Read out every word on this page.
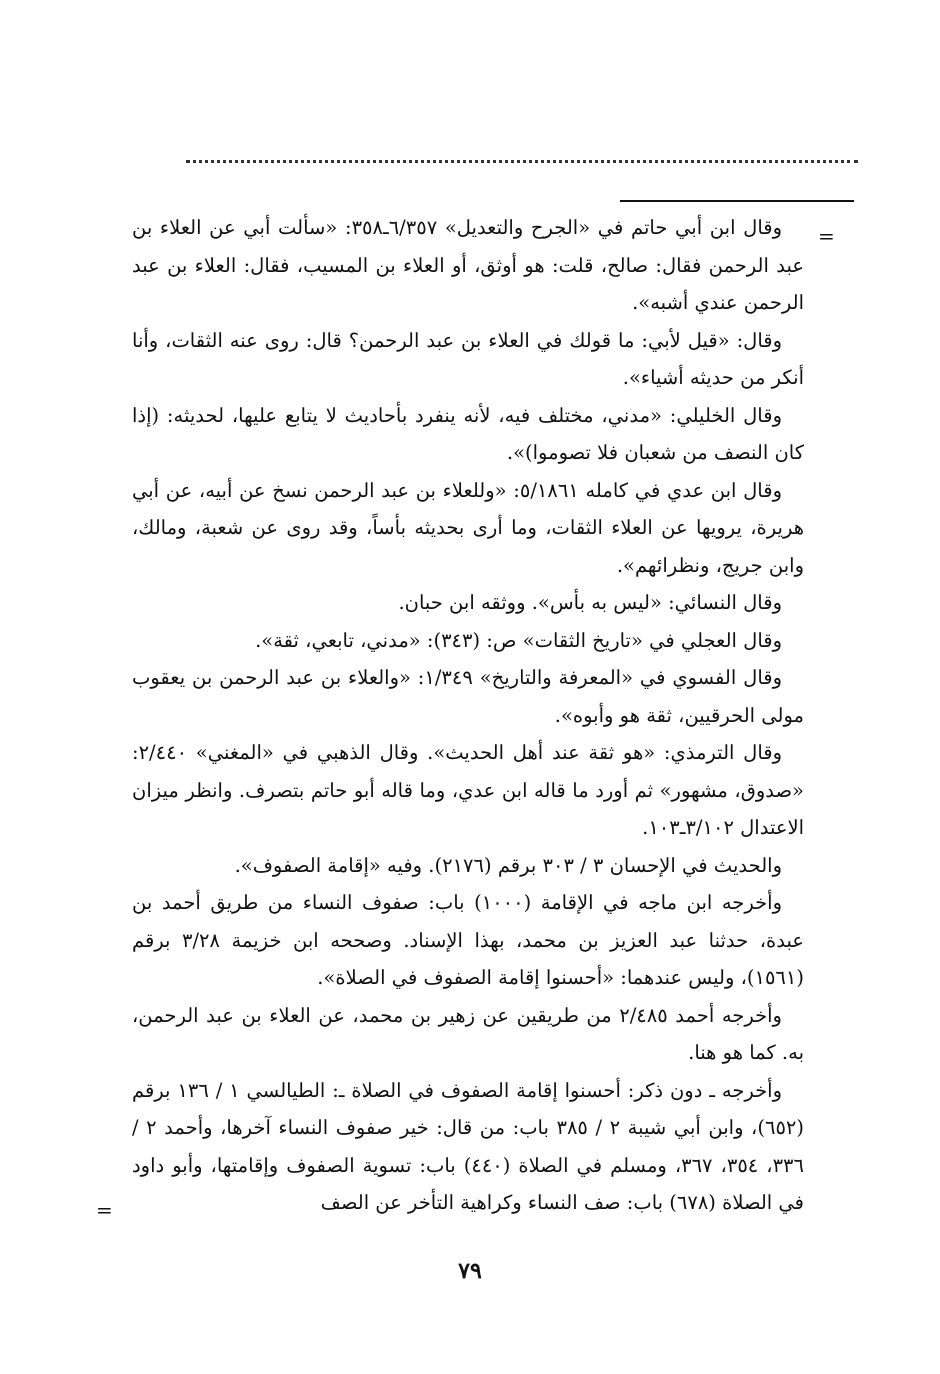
=

وقال ابن أبي حاتم في «الجرح والتعديل» ٦/٣٥٧ـ٣٥٨: «سألت أبي عن العلاء بن عبد الرحمن فقال: صالح، قلت: هو أوثق، أو العلاء بن المسيب، فقال: العلاء بن عبد الرحمن عندي أشبه».

وقال: «قيل لأبي: ما قولك في العلاء بن عبد الرحمن؟ قال: روى عنه الثقات، وأنا أنكر من حديثه أشياء».

وقال الخليلي: «مدني، مختلف فيه، لأنه ينفرد بأحاديث لا يتابع عليها، لحديثه: (إذا كان النصف من شعبان فلا تصوموا)».

وقال ابن عدي في كامله ٥/١٨٦١: «وللعلاء بن عبد الرحمن نسخ عن أبيه، عن أبي هريرة، يرويها عن العلاء الثقات، وما أرى بحديثه بأساً، وقد روى عن شعبة، ومالك، وابن جريج، ونظرائهم».

وقال النسائي: «ليس به بأس». ووثقه ابن حبان.

وقال العجلي في «تاريخ الثقات» ص: (٣٤٣): «مدني، تابعي، ثقة».

وقال الفسوي في «المعرفة والتاريخ» ١/٣٤٩: «والعلاء بن عبد الرحمن بن يعقوب مولى الحرقيين، ثقة هو وأبوه».

وقال الترمذي: «هو ثقة عند أهل الحديث». وقال الذهبي في «المغني» ٢/٤٤٠: «صدوق، مشهور» ثم أورد ما قاله ابن عدي، وما قاله أبو حاتم بتصرف. وانظر ميزان الاعتدال ٣/١٠٢ـ١٠٣.

والحديث في الإحسان ٣ / ٣٠٣ برقم (٢١٧٦). وفيه «إقامة الصفوف».

وأخرجه ابن ماجه في الإقامة (١٠٠٠) باب: صفوف النساء من طريق أحمد بن عبدة، حدثنا عبد العزيز بن محمد، بهذا الإسناد. وصححه ابن خزيمة ٣/٢٨ برقم (١٥٦١)، وليس عندهما: «أحسنوا إقامة الصفوف في الصلاة».

وأخرجه أحمد ٢/٤٨٥ من طريقين عن زهير بن محمد، عن العلاء بن عبد الرحمن، به. كما هو هنا.

وأخرجه ـ دون ذكر: أحسنوا إقامة الصفوف في الصلاة ـ: الطيالسي ١ / ١٣٦ برقم (٦٥٢)، وابن أبي شيبة ٢ / ٣٨٥ باب: من قال: خير صفوف النساء آخرها، وأحمد ٢ / ٣٣٦، ٣٥٤، ٣٦٧، ومسلم في الصلاة (٤٤٠) باب: تسوية الصفوف وإقامتها، وأبو داود في الصلاة (٦٧٨) باب: صف النساء وكراهية التأخر عن الصف

=
٧٩
